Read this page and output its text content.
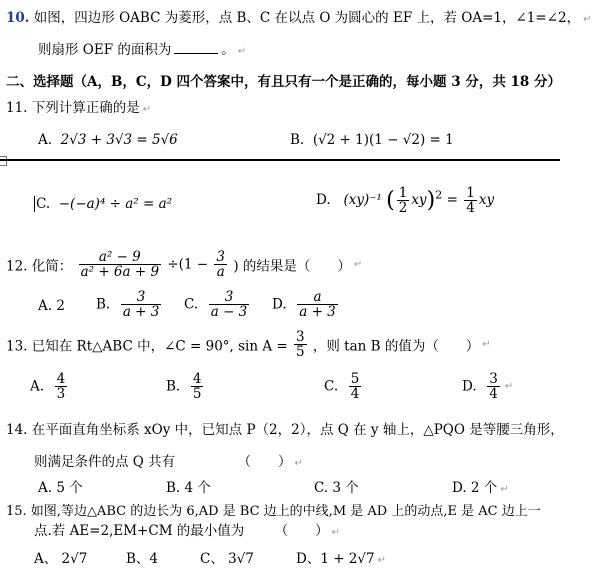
10. 如图，四边形 OABC 为菱形，点 B、C 在以点 O 为圆心的 EF 上，若 OA=1，∠1=∠2， ↵
则扇形 OEF 的面积为	。 ↵
二、选择题（A，B，C，D 四个答案中，有且只有一个是正确的，每小题 3 分，共 18 分）
11. 下列计算正确的是 ↵
A. 2√3 + 3√3 = 5√6	B. (√2 + 1)(1 − √2) = 1
C. −(−a)⁴ ÷ a² = a²	D. (xy)⁻¹ ( $\frac{1}{2} xy)^2 = \frac{1}{4}$ xy
12. 化简： $\frac{\text{a² − 9}}{\text{a² + 6a + 9}} \div(1 - \frac{3}{a}$ ) 的结果是（　　） ↵
A. 2 B. $\frac{3}{a + 3} C$. $\frac{3}{a - 3} D$. $\frac{a}{a + 3}$
13. 已知在 Rt△ABC 中，∠C = 90°, $\sin A = \frac{3}{5}$ ，则 tan B 的值为（　　） ↵
A. $\frac{4}{3}$	B. $\frac{4}{5}$	C. $\frac{5}{4}$	D. $\frac{3}{4}$ ↵
14. 在平面直角坐标系 xOy 中，已知点 P（2，2），点 Q 在 y 轴上，△PQO 是等腰三角形，
则满足条件的点 Q 共有	（　　） ↵
A. 5 个	B. 4 个	C. 3 个	D. 2 个 ↵
15. 如图,等边△ABC 的边长为 6,AD 是 BC 边上的中线,M 是 AD 上的动点,E 是 AC 边上一
点.若 AE=2,EM+CM 的最小值为 （　　） ↵
A、 2√7	B、4	C、 3√7	D、1 + 2√7 ↵
